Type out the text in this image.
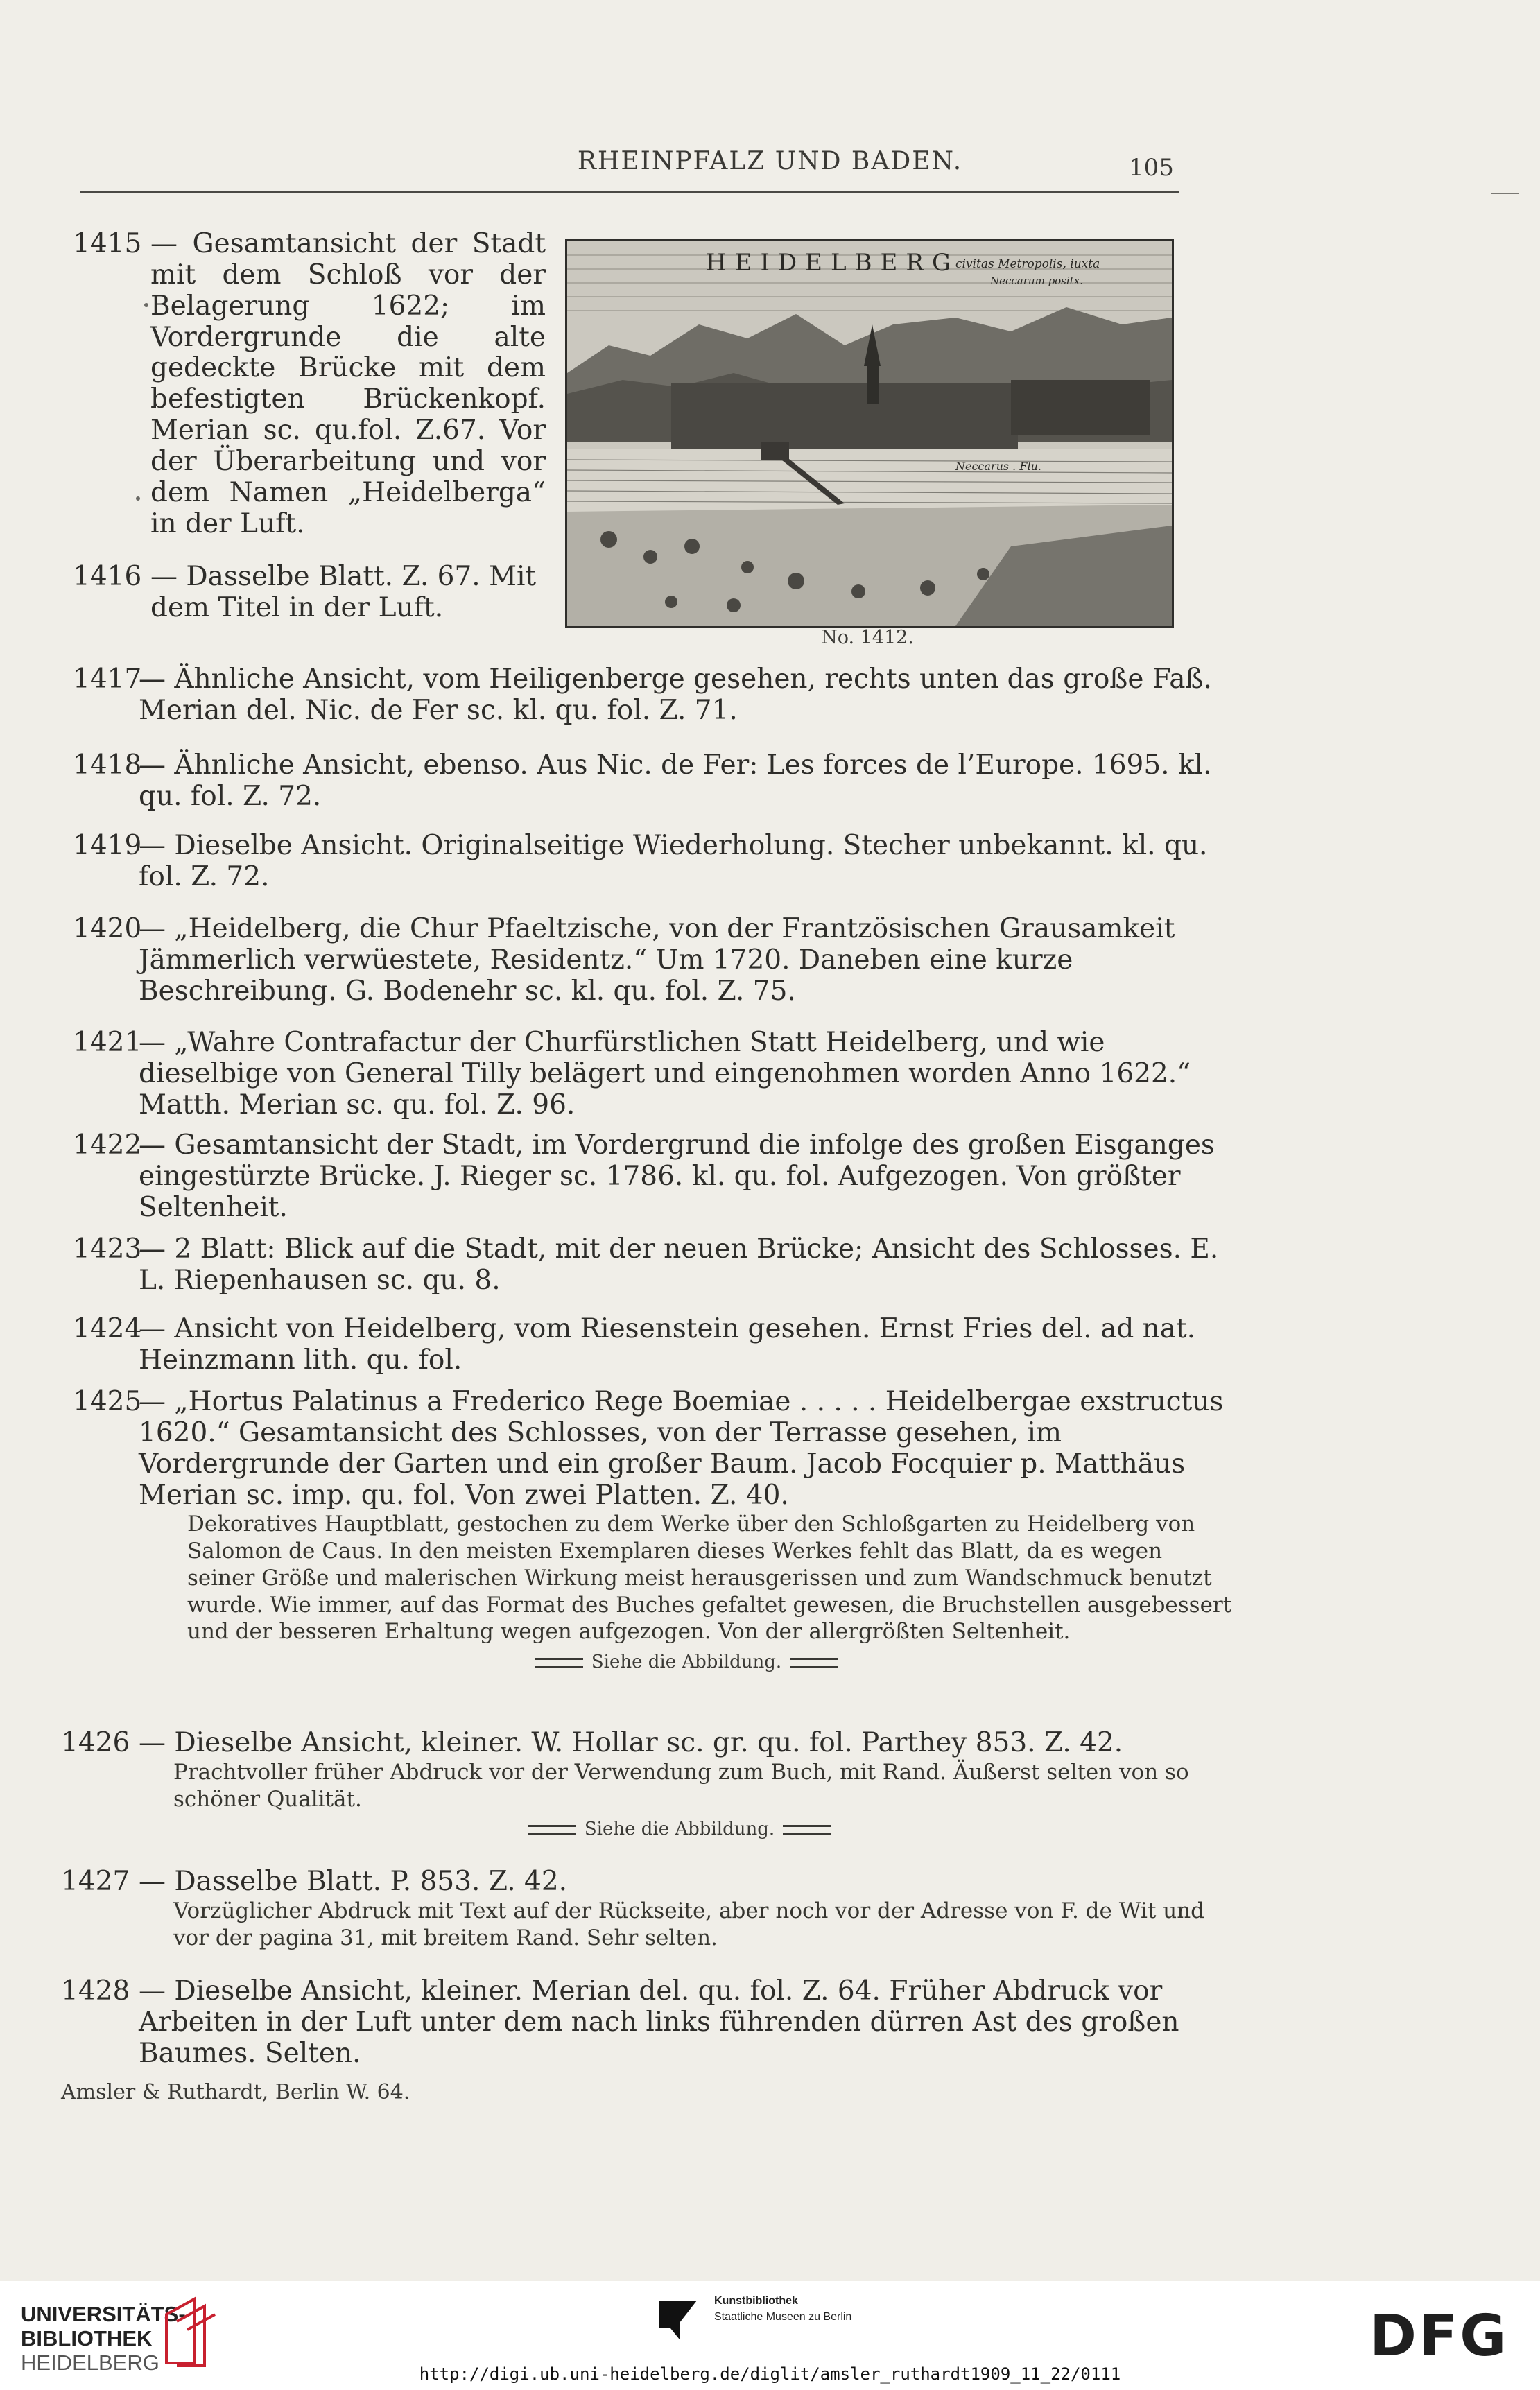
RHEINPFALZ UND BADEN.	105
HEIDELBERG
civitas Metropolis, iuxta
Neccarum positx.
Neccarus . Flu.
No. 1412.
1415 — Gesamtansicht der Stadt mit dem Schloß vor der Belagerung 1622; im Vordergrunde die alte gedeckte Brücke mit dem befestigten Brückenkopf. Merian sc. qu.fol. Z.67. Vor der Überarbeitung und vor dem Namen „Heidelberga“ in der Luft.

1416 — Dasselbe Blatt. Z. 67. Mit dem Titel in der Luft.

1417

— Ähnliche Ansicht, vom Heiligenberge gesehen, rechts unten das große Faß. Merian del. Nic. de Fer sc. kl. qu. fol. Z. 71.

1418

— Ähnliche Ansicht, ebenso. Aus Nic. de Fer: Les forces de l’Europe. 1695. kl. qu. fol. Z. 72.

1419

— Dieselbe Ansicht. Originalseitige Wiederholung. Stecher unbekannt. kl. qu. fol. Z. 72.

1420

— „Heidelberg, die Chur Pfaeltzische, von der Frantzösischen Grausamkeit Jämmerlich verwüestete, Residentz.“ Um 1720. Daneben eine kurze Beschreibung. G. Bodenehr sc. kl. qu. fol. Z. 75.

1421

— „Wahre Contrafactur der Churfürstlichen Statt Heidelberg, und wie dieselbige von General Tilly belägert und eingenohmen worden Anno 1622.“ Matth. Merian sc. qu. fol. Z. 96.

1422

— Gesamtansicht der Stadt, im Vordergrund die infolge des großen Eisganges eingestürzte Brücke. J. Rieger sc. 1786. kl. qu. fol. Aufgezogen. Von größter Seltenheit.

1423

— 2 Blatt: Blick auf die Stadt, mit der neuen Brücke; Ansicht des Schlosses. E. L. Riepenhausen sc. qu. 8.

1424

— Ansicht von Heidelberg, vom Riesenstein gesehen. Ernst Fries del. ad nat. Heinzmann lith. qu. fol.

1425

— „Hortus Palatinus a Frederico Rege Boemiae . . . . . Heidelbergae exstructus 1620.“ Gesamtansicht des Schlosses, von der Terrasse gesehen, im Vordergrunde der Garten und ein großer Baum. Jacob Focquier p. Matthäus Merian sc. imp. qu. fol. Von zwei Platten. Z. 40.

Dekoratives Hauptblatt, gestochen zu dem Werke über den Schloßgarten zu Heidelberg von Salomon de Caus. In den meisten Exemplaren dieses Werkes fehlt das Blatt, da es wegen seiner Größe und malerischen Wirkung meist herausgerissen und zum Wandschmuck benutzt wurde. Wie immer, auf das Format des Buches gefaltet gewesen, die Bruchstellen ausgebessert und der besseren Erhaltung wegen aufgezogen. Von der allergrößten Seltenheit.

Siehe die Abbildung.
1426 — Dieselbe Ansicht, kleiner. W. Hollar sc. gr. qu. fol. Parthey 853. Z. 42.

Prachtvoller früher Abdruck vor der Verwendung zum Buch, mit Rand. Äußerst selten von so schöner Qualität.

Siehe die Abbildung.
1427 — Dasselbe Blatt. P. 853. Z. 42.

Vorzüglicher Abdruck mit Text auf der Rückseite, aber noch vor der Adresse von F. de Wit und vor der pagina 31, mit breitem Rand. Sehr selten.

1428 — Dieselbe Ansicht, kleiner. Merian del. qu. fol. Z. 64. Früher Abdruck vor Arbeiten in der Luft unter dem nach links führenden dürren Ast des großen Baumes. Selten.

Amsler & Ruthardt, Berlin W. 64.
UNIVERSITÄTS-
BIBLIOTHEK
HEIDELBERG
Kunstbibliothek
Staatliche Museen zu Berlin	DFG
http://digi.ub.uni-heidelberg.de/diglit/amsler_ruthardt1909_11_22/0111
